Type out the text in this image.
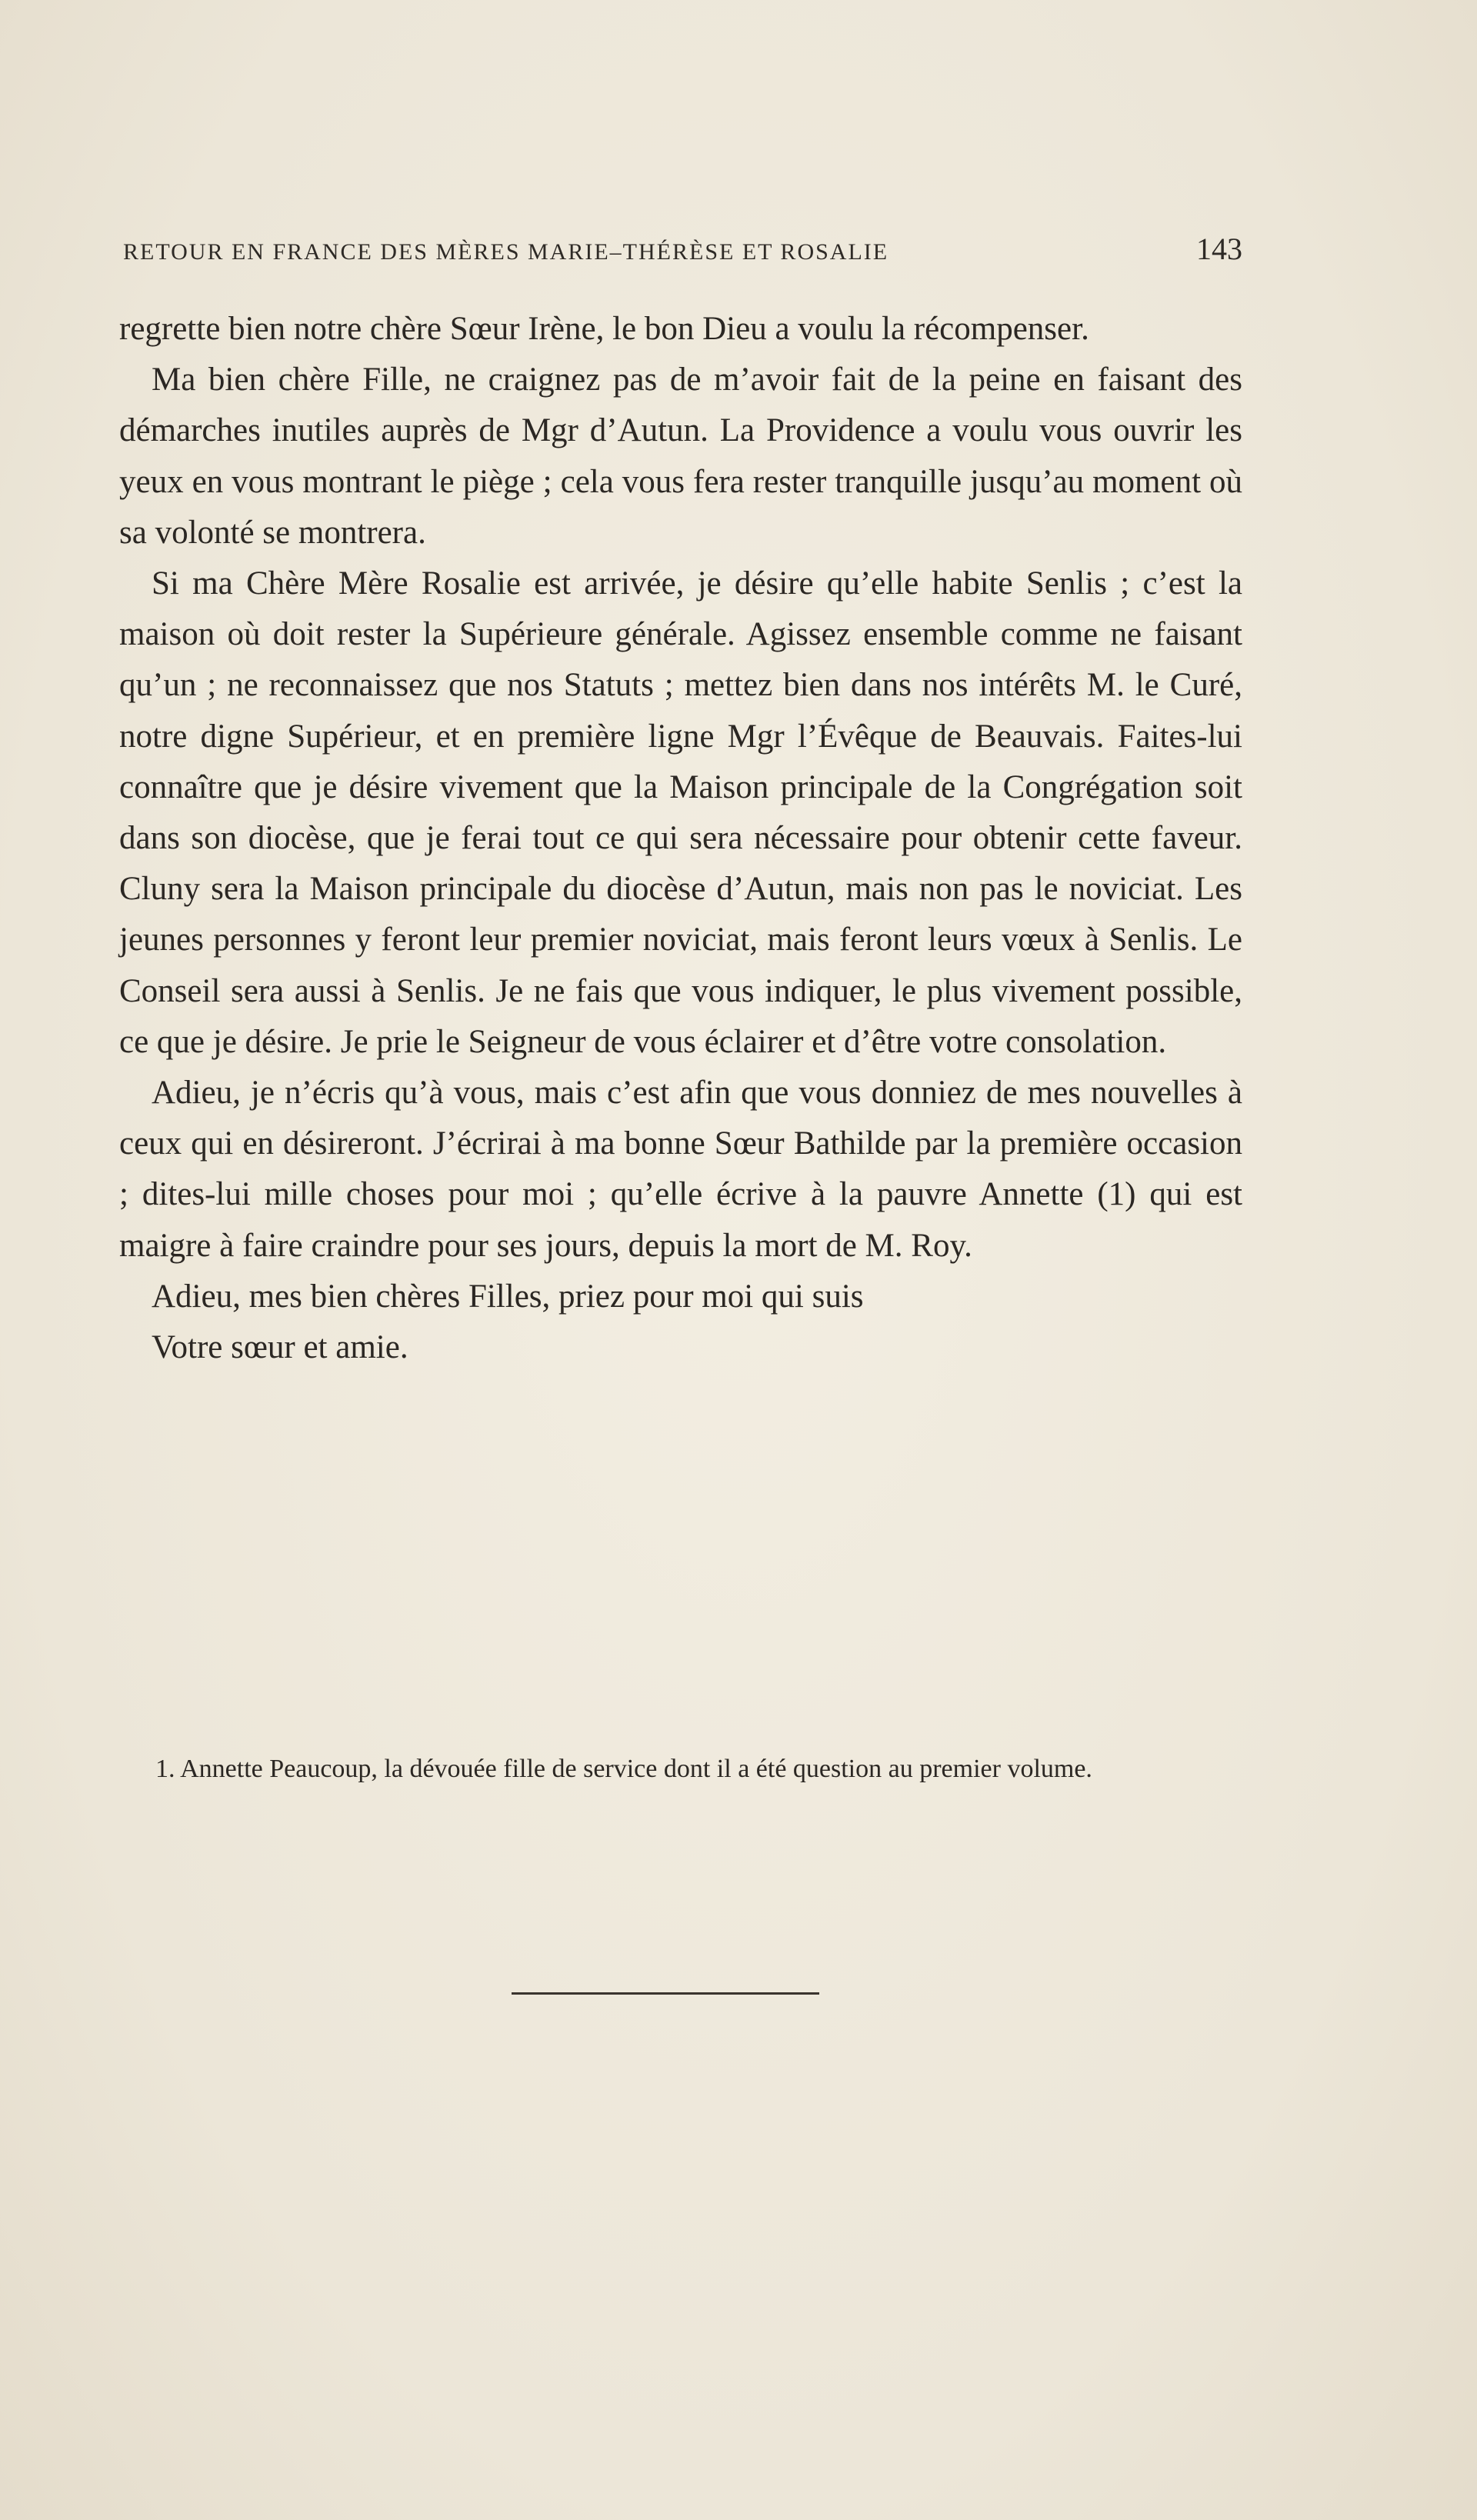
RETOUR EN FRANCE DES MÈRES MARIE–THÉRÈSE ET ROSALIE	143

regrette bien notre chère Sœur Irène, le bon Dieu a voulu la récompenser.

Ma bien chère Fille, ne craignez pas de m’avoir fait de la peine en faisant des démarches inutiles auprès de Mgr d’Autun. La Providence a voulu vous ouvrir les yeux en vous montrant le piège ; cela vous fera rester tranquille jusqu’au moment où sa volonté se montrera.

Si ma Chère Mère Rosalie est arrivée, je désire qu’elle habite Senlis ; c’est la maison où doit rester la Supérieure générale. Agissez ensemble comme ne faisant qu’un ; ne reconnaissez que nos Statuts ; mettez bien dans nos intérêts M. le Curé, notre digne Supérieur, et en première ligne Mgr l’Évêque de Beauvais. Faites-lui connaître que je désire vivement que la Maison principale de la Congrégation soit dans son diocèse, que je ferai tout ce qui sera nécessaire pour obtenir cette faveur. Cluny sera la Maison principale du diocèse d’Autun, mais non pas le noviciat. Les jeunes personnes y feront leur premier noviciat, mais feront leurs vœux à Senlis. Le Conseil sera aussi à Senlis. Je ne fais que vous indiquer, le plus vivement possible, ce que je désire. Je prie le Seigneur de vous éclairer et d’être votre consolation.

Adieu, je n’écris qu’à vous, mais c’est afin que vous donniez de mes nouvelles à ceux qui en désireront. J’écrirai à ma bonne Sœur Bathilde par la première occasion ; dites-lui mille choses pour moi ; qu’elle écrive à la pauvre Annette (1) qui est maigre à faire craindre pour ses jours, depuis la mort de M. Roy.

Adieu, mes bien chères Filles, priez pour moi qui suis

Votre sœur et amie.

1. Annette Peaucoup, la dévouée fille de service dont il a été question au premier volume.
